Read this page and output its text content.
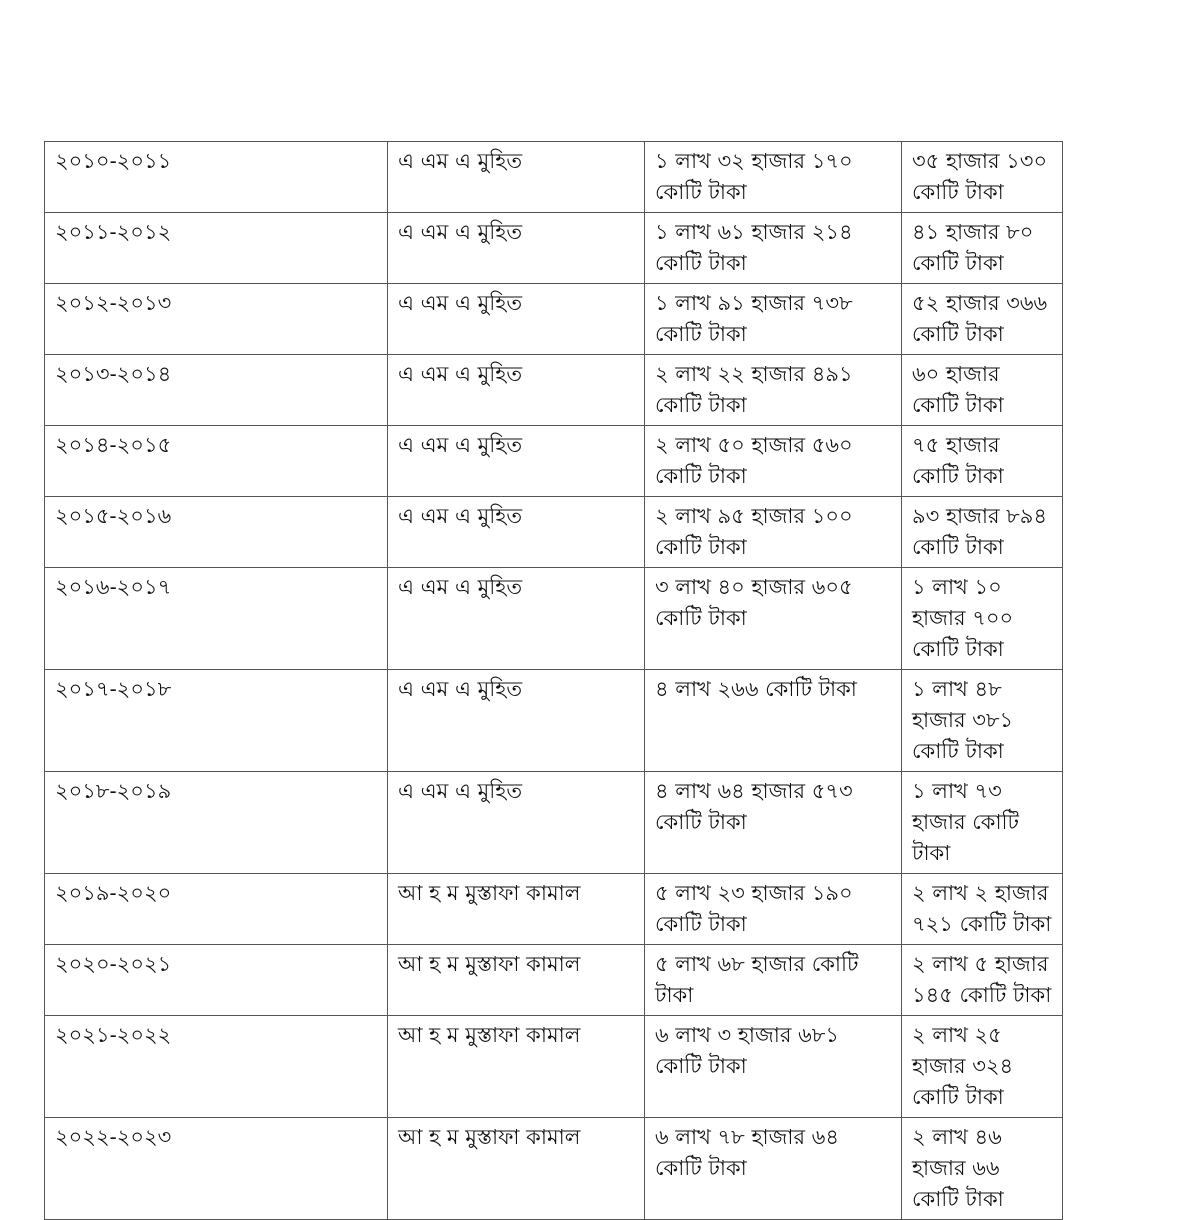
২০১০-২০১১	এ এম এ মুহিত	১ লাখ ৩২ হাজার ১৭০ কোটি টাকা	৩৫ হাজার ১৩০ কোটি টাকা
২০১১-২০১২	এ এম এ মুহিত	১ লাখ ৬১ হাজার ২১৪ কোটি টাকা	৪১ হাজার ৮০ কোটি টাকা
২০১২-২০১৩	এ এম এ মুহিত	১ লাখ ৯১ হাজার ৭৩৮ কোটি টাকা	৫২ হাজার ৩৬৬ কোটি টাকা
২০১৩-২০১৪	এ এম এ মুহিত	২ লাখ ২২ হাজার ৪৯১ কোটি টাকা	৬০ হাজার কোটি টাকা
২০১৪-২০১৫	এ এম এ মুহিত	২ লাখ ৫০ হাজার ৫৬০ কোটি টাকা	৭৫ হাজার কোটি টাকা
২০১৫-২০১৬	এ এম এ মুহিত	২ লাখ ৯৫ হাজার ১০০ কোটি টাকা	৯৩ হাজার ৮৯৪ কোটি টাকা
২০১৬-২০১৭	এ এম এ মুহিত	৩ লাখ ৪০ হাজার ৬০৫ কোটি টাকা	১ লাখ ১০ হাজার ৭০০ কোটি টাকা
২০১৭-২০১৮	এ এম এ মুহিত	৪ লাখ ২৬৬ কোটি টাকা	১ লাখ ৪৮ হাজার ৩৮১ কোটি টাকা
২০১৮-২০১৯	এ এম এ মুহিত	৪ লাখ ৬৪ হাজার ৫৭৩ কোটি টাকা	১ লাখ ৭৩ হাজার কোটি টাকা
২০১৯-২০২০	আ হ ম মুস্তাফা কামাল	৫ লাখ ২৩ হাজার ১৯০ কোটি টাকা	২ লাখ ২ হাজার ৭২১ কোটি টাকা
২০২০-২০২১	আ হ ম মুস্তাফা কামাল	৫ লাখ ৬৮ হাজার কোটি টাকা	২ লাখ ৫ হাজার ১৪৫ কোটি টাকা
২০২১-২০২২	আ হ ম মুস্তাফা কামাল	৬ লাখ ৩ হাজার ৬৮১ কোটি টাকা	২ লাখ ২৫ হাজার ৩২৪ কোটি টাকা
২০২২-২০২৩	আ হ ম মুস্তাফা কামাল	৬ লাখ ৭৮ হাজার ৬৪ কোটি টাকা	২ লাখ ৪৬ হাজার ৬৬ কোটি টাকা
